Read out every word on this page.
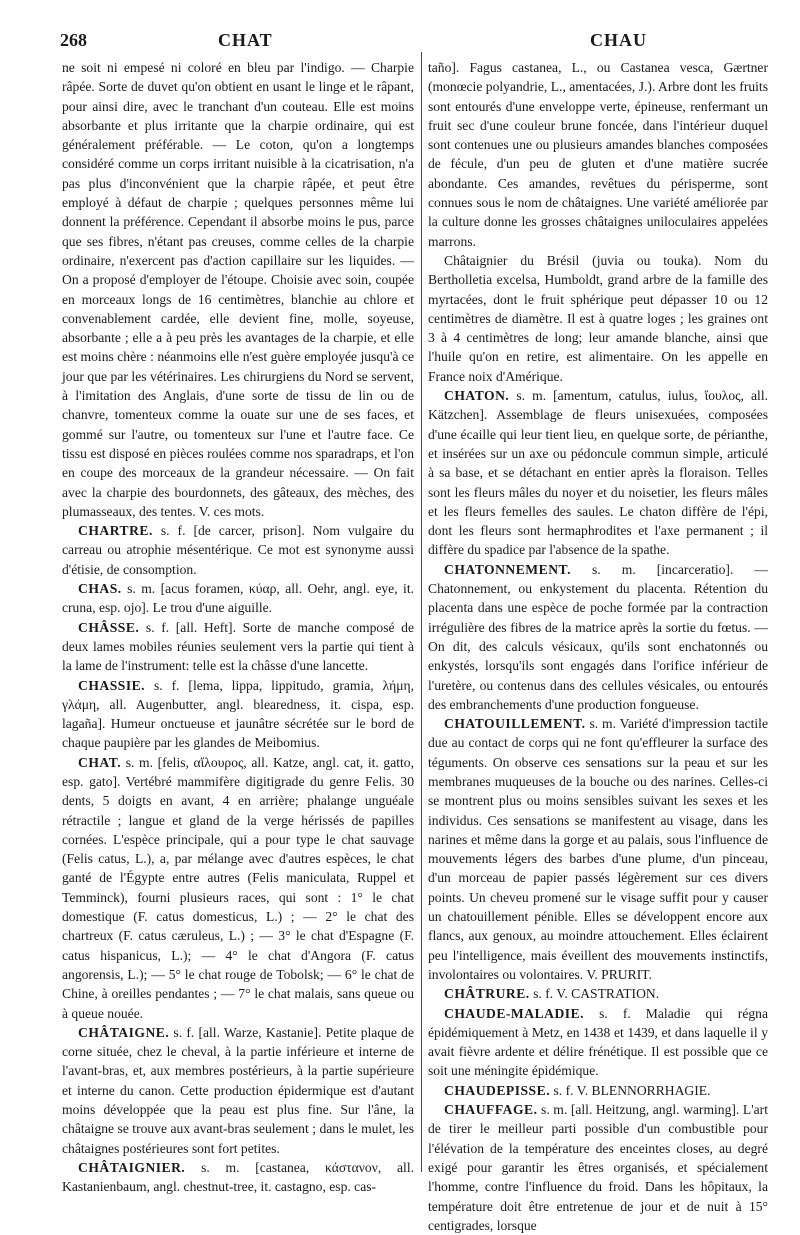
268	CHAT	CHAU

ne soit ni empesé ni coloré en bleu par l'indigo. — Charpie râpée. Sorte de duvet qu'on obtient en usant le linge et le râpant, pour ainsi dire, avec le tranchant d'un couteau. Elle est moins absorbante et plus irritante que la charpie ordinaire, qui est généralement préférable. — Le coton, qu'on a longtemps considéré comme un corps irritant nuisible à la cicatrisation, n'a pas plus d'inconvénient que la charpie râpée, et peut être employé à défaut de charpie ; quelques personnes même lui donnent la préférence. Cependant il absorbe moins le pus, parce que ses fibres, n'étant pas creuses, comme celles de la charpie ordinaire, n'exercent pas d'action capillaire sur les liquides. — On a proposé d'employer de l'étoupe. Choisie avec soin, coupée en morceaux longs de 16 centimètres, blanchie au chlore et convenablement cardée, elle devient fine, molle, soyeuse, absorbante ; elle a à peu près les avantages de la charpie, et elle est moins chère : néanmoins elle n'est guère employée jusqu'à ce jour que par les vétérinaires. Les chirurgiens du Nord se servent, à l'imitation des Anglais, d'une sorte de tissu de lin ou de chanvre, tomenteux comme la ouate sur une de ses faces, et gommé sur l'autre, ou tomenteux sur l'une et l'autre face. Ce tissu est disposé en pièces roulées comme nos sparadraps, et l'on en coupe des morceaux de la grandeur nécessaire. — On fait avec la charpie des bourdonnets, des gâteaux, des mèches, des plumasseaux, des tentes. V. ces mots.

CHARTRE. s. f. [de carcer, prison]. Nom vulgaire du carreau ou atrophie mésentérique. Ce mot est synonyme aussi d'étisie, de consomption.

CHAS. s. m. [acus foramen, κύαρ, all. Oehr, angl. eye, it. cruna, esp. ojo]. Le trou d'une aiguille.

CHÂSSE. s. f. [all. Heft]. Sorte de manche composé de deux lames mobiles réunies seulement vers la partie qui tient à la lame de l'instrument: telle est la châsse d'une lancette.

CHASSIE. s. f. [lema, lippa, lippitudo, gramia, λήμη, γλάμη, all. Augenbutter, angl. blearedness, it. cispa, esp. lagaña]. Humeur onctueuse et jaunâtre sécrétée sur le bord de chaque paupière par les glandes de Meibomius.

CHAT. s. m. [felis, αἴλουρος, all. Katze, angl. cat, it. gatto, esp. gato]. Vertébré mammifère digitigrade du genre Felis. 30 dents, 5 doigts en avant, 4 en arrière; phalange unguéale rétractile ; langue et gland de la verge hérissés de papilles cornées. L'espèce principale, qui a pour type le chat sauvage (Felis catus, L.), a, par mélange avec d'autres espèces, le chat ganté de l'Égypte entre autres (Felis maniculata, Ruppel et Temminck), fourni plusieurs races, qui sont : 1° le chat domestique (F. catus domesticus, L.) ; — 2° le chat des chartreux (F. catus cæruleus, L.) ; — 3° le chat d'Espagne (F. catus hispanicus, L.); — 4° le chat d'Angora (F. catus angorensis, L.); — 5° le chat rouge de Tobolsk; — 6° le chat de Chine, à oreilles pendantes ; — 7° le chat malais, sans queue ou à queue nouée.

CHÂTAIGNE. s. f. [all. Warze, Kastanie]. Petite plaque de corne située, chez le cheval, à la partie inférieure et interne de l'avant-bras, et, aux membres postérieurs, à la partie supérieure et interne du canon. Cette production épidermique est d'autant moins développée que la peau est plus fine. Sur l'âne, la châtaigne se trouve aux avant-bras seulement ; dans le mulet, les châtaignes postérieures sont fort petites.

CHÂTAIGNIER. s. m. [castanea, κάστανον, all. Kastanienbaum, angl. chestnut-tree, it. castagno, esp. cas-

taño]. Fagus castanea, L., ou Castanea vesca, Gærtner (monœcie polyandrie, L., amentacées, J.). Arbre dont les fruits sont entourés d'une enveloppe verte, épineuse, renfermant un fruit sec d'une couleur brune foncée, dans l'intérieur duquel sont contenues une ou plusieurs amandes blanches composées de fécule, d'un peu de gluten et d'une matière sucrée abondante. Ces amandes, revêtues du périsperme, sont connues sous le nom de châtaignes. Une variété améliorée par la culture donne les grosses châtaignes uniloculaires appelées marrons.

Châtaignier du Brésil (juvia ou touka). Nom du Bertholletia excelsa, Humboldt, grand arbre de la famille des myrtacées, dont le fruit sphérique peut dépasser 10 ou 12 centimètres de diamètre. Il est à quatre loges ; les graines ont 3 à 4 centimètres de long; leur amande blanche, ainsi que l'huile qu'on en retire, est alimentaire. On les appelle en France noix d'Amérique.

CHATON. s. m. [amentum, catulus, iulus, ἴουλος, all. Kätzchen]. Assemblage de fleurs unisexuées, composées d'une écaille qui leur tient lieu, en quelque sorte, de périanthe, et insérées sur un axe ou pédoncule commun simple, articulé à sa base, et se détachant en entier après la floraison. Telles sont les fleurs mâles du noyer et du noisetier, les fleurs mâles et les fleurs femelles des saules. Le chaton diffère de l'épi, dont les fleurs sont hermaphrodites et l'axe permanent ; il diffère du spadice par l'absence de la spathe.

CHATONNEMENT. s. m. [incarceratio]. — Chatonnement, ou enkystement du placenta. Rétention du placenta dans une espèce de poche formée par la contraction irrégulière des fibres de la matrice après la sortie du fœtus. — On dit, des calculs vésicaux, qu'ils sont enchatonnés ou enkystés, lorsqu'ils sont engagés dans l'orifice inférieur de l'uretère, ou contenus dans des cellules vésicales, ou entourés des embranchements d'une production fongueuse.

CHATOUILLEMENT. s. m. Variété d'impression tactile due au contact de corps qui ne font qu'effleurer la surface des téguments. On observe ces sensations sur la peau et sur les membranes muqueuses de la bouche ou des narines. Celles-ci se montrent plus ou moins sensibles suivant les sexes et les individus. Ces sensations se manifestent au visage, dans les narines et même dans la gorge et au palais, sous l'influence de mouvements légers des barbes d'une plume, d'un pinceau, d'un morceau de papier passés légèrement sur ces divers points. Un cheveu promené sur le visage suffit pour y causer un chatouillement pénible. Elles se développent encore aux flancs, aux genoux, au moindre attouchement. Elles éclairent peu l'intelligence, mais éveillent des mouvements instinctifs, involontaires ou volontaires. V. PRURIT.

CHÂTRURE. s. f. V. CASTRATION.

CHAUDE-MALADIE. s. f. Maladie qui régna épidémiquement à Metz, en 1438 et 1439, et dans laquelle il y avait fièvre ardente et délire frénétique. Il est possible que ce soit une méningite épidémique.

CHAUDEPISSE. s. f. V. BLENNORRHAGIE.

CHAUFFAGE. s. m. [all. Heitzung, angl. warming]. L'art de tirer le meilleur parti possible d'un combustible pour l'élévation de la température des enceintes closes, au degré exigé pour garantir les êtres organisés, et spécialement l'homme, contre l'influence du froid. Dans les hôpitaux, la température doit être entretenue de jour et de nuit à 15° centigrades, lorsque
